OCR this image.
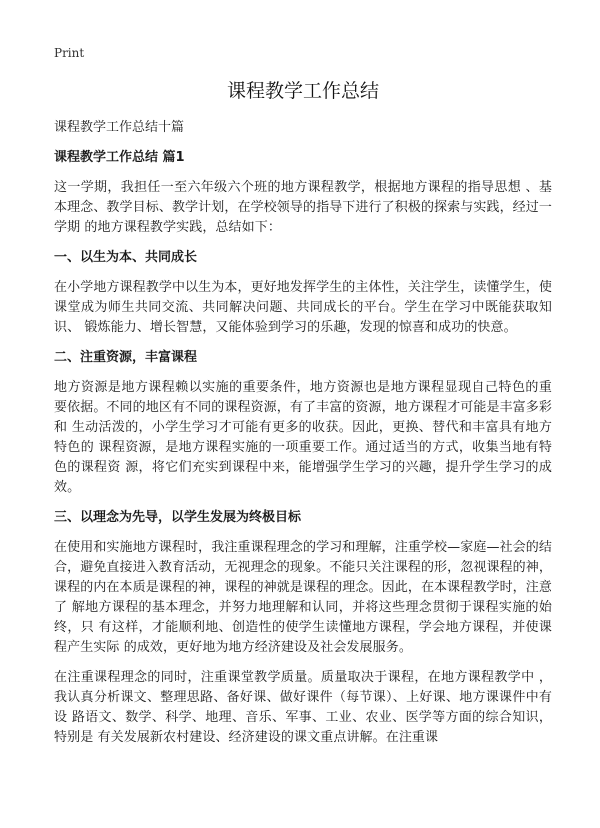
Print
课程教学工作总结

课程教学工作总结十篇

课程教学工作总结 篇1

这一学期，我担任一至六年级六个班的地方课程教学，根据地方课程的指导思想 、基本理念、教学目标、教学计划，在学校领导的指导下进行了积极的探索与实践，经过一学期 的地方课程教学实践，总结如下：

一、以生为本、共同成长

在小学地方课程教学中以生为本，更好地发挥学生的主体性，关注学生，读懂学生，使课堂成为师生共同交流、共同解决问题、共同成长的平台。学生在学习中既能获取知识、 锻炼能力、增长智慧，又能体验到学习的乐趣，发现的惊喜和成功的快意。

二、注重资源，丰富课程

地方资源是地方课程赖以实施的重要条件，地方资源也是地方课程显现自己特色的重 要依据。不同的地区有不同的课程资源，有了丰富的资源，地方课程才可能是丰富多彩和 生动活泼的，小学生学习才可能有更多的收获。因此，更换、替代和丰富具有地方特色的 课程资源，是地方课程实施的一项重要工作。通过适当的方式，收集当地有特色的课程资 源，将它们充实到课程中来，能增强学生学习的兴趣，提升学生学习的成效。

三、以理念为先导，以学生发展为终极目标

在使用和实施地方课程时，我注重课程理念的学习和理解，注重学校—家庭—社会的结合，避免直接进入教育活动，无视理念的现象。不能只关注课程的形，忽视课程的神， 课程的内在本质是课程的神，课程的神就是课程的理念。因此，在本课程教学时，注意了 解地方课程的基本理念，并努力地理解和认同，并将这些理念贯彻于课程实施的始终，只 有这样，才能顺利地、创造性的使学生读懂地方课程，学会地方课程，并使课程产生实际 的成效，更好地为地方经济建设及社会发展服务。

在注重课程理念的同时，注重课堂教学质量。质量取决于课程，在地方课程教学中 ，我认真分析课文、整理思路、备好课、做好课件（每节课）、上好课、地方课课件中有设 路语文、数学、科学、地理、音乐、军事、工业、农业、医学等方面的综合知识，特别是 有关发展新农村建设、经济建设的课文重点讲解。在注重课
